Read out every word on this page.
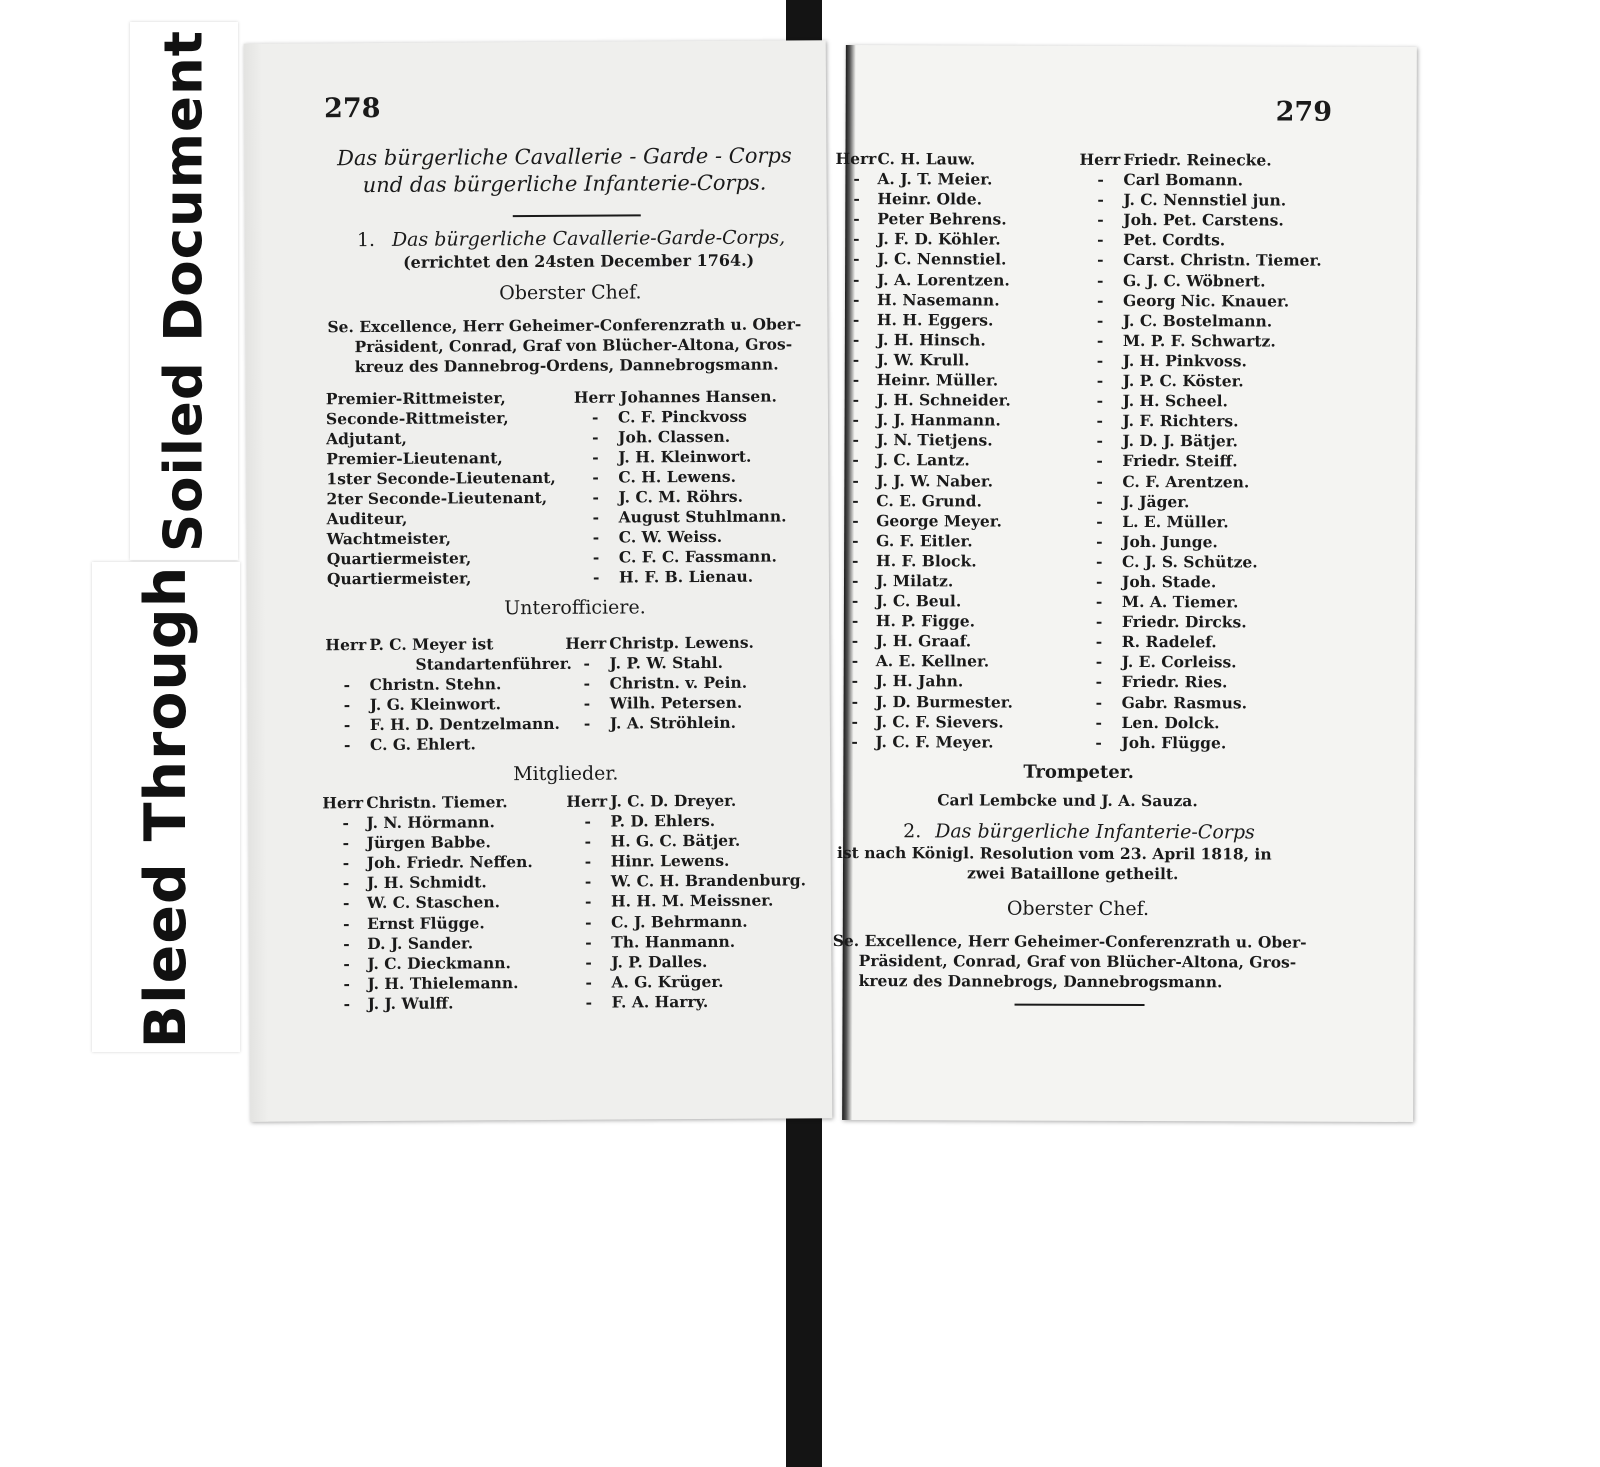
Soiled Document
Bleed Through
278
Das bürgerliche Cavallerie - Garde - Corps
und das bürgerliche Infanterie-Corps.
1. Das bürgerliche Cavallerie-Garde-Corps,
(errichtet den 24sten December 1764.)
Oberster Chef.
Se. Excellence, Herr Geheimer-Conferenzrath u. Ober-
Präsident, Conrad, Graf von Blücher-Altona, Gros-
kreuz des Dannebrog-Ordens, Dannebrogsmann.
Premier-Rittmeister,	Herr Johannes Hansen.
Seconde-Rittmeister,	- C. F. Pinckvoss
Adjutant,	- Joh. Classen.
Premier-Lieutenant,	- J. H. Kleinwort.
1ster Seconde-Lieutenant, - C. H. Lewens.
2ter Seconde-Lieutenant,	- J. C. M. Röhrs.
Auditeur,	- August Stuhlmann.
Wachtmeister,	- C. W. Weiss.
Quartiermeister,	- C. F. C. Fassmann.
Quartiermeister,	- H. F. B. Lienau.
Unterofficiere.
Herr P. C. Meyer ist
Standartenführer.
- Christn. Stehn.
- J. G. Kleinwort.
- F. H. D. Dentzelmann.
- C. G. Ehlert.
Herr Christp. Lewens.
- J. P. W. Stahl.
- Christn. v. Pein.
- Wilh. Petersen.
- J. A. Ströhlein.
Mitglieder.
Herr Christn. Tiemer.
- J. N. Hörmann.
- Jürgen Babbe.
- Joh. Friedr. Neffen.
- J. H. Schmidt.
- W. C. Staschen.
- Ernst Flügge.
- D. J. Sander.
- J. C. Dieckmann.
- J. H. Thielemann.
- J. J. Wulff.
Herr J. C. D. Dreyer.
- P. D. Ehlers.
- H. G. C. Bätjer.
- Hinr. Lewens.
- W. C. H. Brandenburg.
- H. H. M. Meissner.
- C. J. Behrmann.
- Th. Hanmann.
- J. P. Dalles.
- A. G. Krüger.
- F. A. Harry.
279
HerrC. H. Lauw.
- A. J. T. Meier.
- Heinr. Olde.
- Peter Behrens.
- J. F. D. Köhler.
- J. C. Nennstiel.
- J. A. Lorentzen.
- H. Nasemann.
- H. H. Eggers.
- J. H. Hinsch.
- J. W. Krull.
- Heinr. Müller.
- J. H. Schneider.
- J. J. Hanmann.
- J. N. Tietjens.
- J. C. Lantz.
- J. J. W. Naber.
- C. E. Grund.
- George Meyer.
- G. F. Eitler.
- H. F. Block.
- J. Milatz.
- J. C. Beul.
- H. P. Figge.
- J. H. Graaf.
- A. E. Kellner.
- J. H. Jahn.
- J. D. Burmester.
- J. C. F. Sievers.
- J. C. F. Meyer.
Herr Friedr. Reinecke.
- Carl Bomann.
- J. C. Nennstiel jun.
- Joh. Pet. Carstens.
- Pet. Cordts.
- Carst. Christn. Tiemer.
- G. J. C. Wöbnert.
- Georg Nic. Knauer.
- J. C. Bostelmann.
- M. P. F. Schwartz.
- J. H. Pinkvoss.
- J. P. C. Köster.
- J. H. Scheel.
- J. F. Richters.
- J. D. J. Bätjer.
- Friedr. Steiff.
- C. F. Arentzen.
- J. Jäger.
- L. E. Müller.
- Joh. Junge.
- C. J. S. Schütze.
- Joh. Stade.
- M. A. Tiemer.
- Friedr. Dircks.
- R. Radelef.
- J. E. Corleiss.
- Friedr. Ries.
- Gabr. Rasmus.
- Len. Dolck.
- Joh. Flügge.
Trompeter.
Carl Lembcke und J. A. Sauza.
2. Das bürgerliche Infanterie-Corps
ist nach Königl. Resolution vom 23. April 1818, in
zwei Bataillone getheilt.
Oberster Chef.
Se. Excellence, Herr Geheimer-Conferenzrath u. Ober-
Präsident, Conrad, Graf von Blücher-Altona, Gros-
kreuz des Dannebrogs, Dannebrogsmann.
